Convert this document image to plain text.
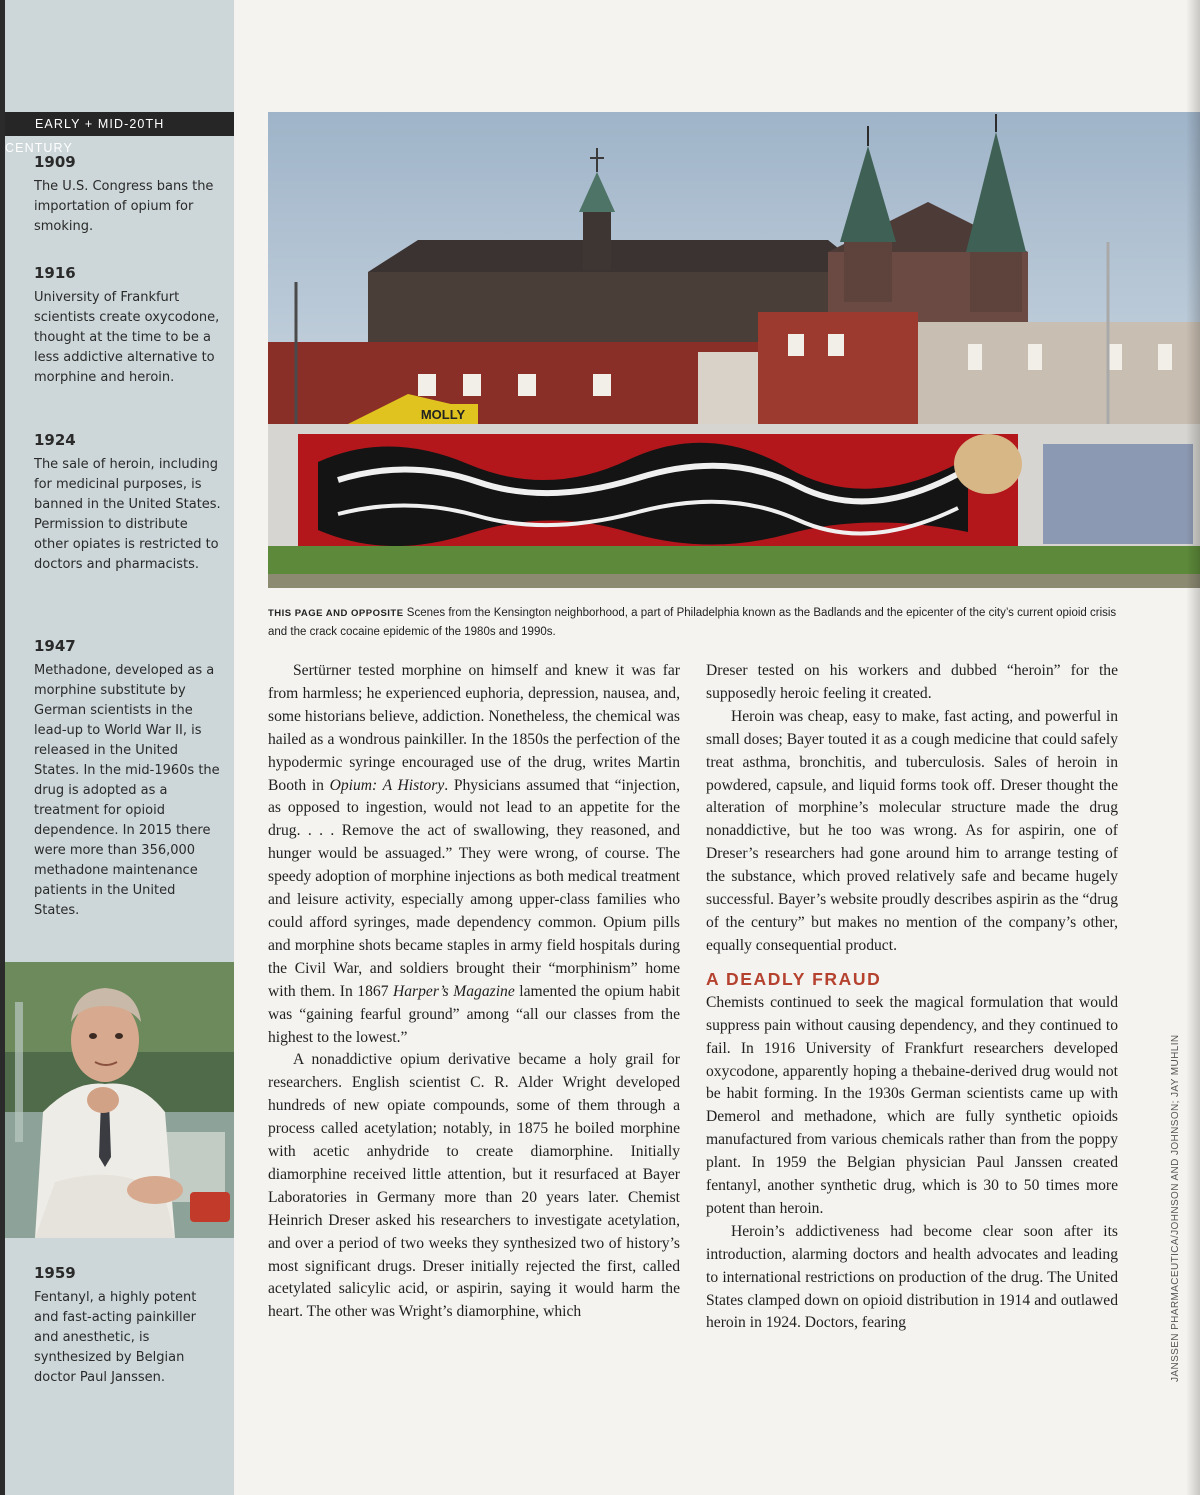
EARLY + MID-20TH CENTURY
1909
The U.S. Congress bans the importation of opium for smoking.
1916
University of Frankfurt scientists create oxycodone, thought at the time to be a less addictive alternative to morphine and heroin.
1924
The sale of heroin, including for medicinal purposes, is banned in the United States. Permission to distribute other opiates is restricted to doctors and pharmacists.
1947
Methadone, developed as a morphine substitute by German scientists in the lead-up to World War II, is released in the United States. In the mid-1960s the drug is adopted as a treatment for opioid dependence. In 2015 there were more than 356,000 methadone maintenance patients in the United States.
1959
Fentanyl, a highly potent and fast-acting painkiller and anesthetic, is synthesized by Belgian doctor Paul Janssen.
MOLLY
THIS PAGE AND OPPOSITE Scenes from the Kensington neighborhood, a part of Philadelphia known as the Badlands and the epicenter of the city’s current opioid crisis and the crack cocaine epidemic of the 1980s and 1990s.

Sertürner tested morphine on himself and knew it was far from harmless; he experienced euphoria, depression, nausea, and, some historians believe, addiction. Nonetheless, the chemical was hailed as a wondrous painkiller. In the 1850s the perfection of the hypodermic syringe encouraged use of the drug, writes Martin Booth in Opium: A History. Physicians assumed that “injection, as opposed to ingestion, would not lead to an appetite for the drug. . . . Remove the act of swallowing, they reasoned, and hunger would be assuaged.” They were wrong, of course. The speedy adoption of morphine injections as both medical treatment and leisure activity, especially among upper-class families who could afford syringes, made dependency common. Opium pills and morphine shots became staples in army field hospitals during the Civil War, and soldiers brought their “morphinism” home with them. In 1867 Harper’s Magazine lamented the opium habit was “gaining fearful ground” among “all our classes from the highest to the lowest.”

A nonaddictive opium derivative became a holy grail for researchers. English scientist C. R. Alder Wright developed hundreds of new opiate compounds, some of them through a process called acetylation; notably, in 1875 he boiled morphine with acetic anhydride to create diamorphine. Initially diamorphine received little attention, but it resurfaced at Bayer Laboratories in Germany more than 20 years later. Chemist Heinrich Dreser asked his researchers to investigate acetylation, and over a period of two weeks they synthesized two of history’s most significant drugs. Dreser initially rejected the first, called acetylated salicylic acid, or aspirin, saying it would harm the heart. The other was Wright’s diamorphine, which

Dreser tested on his workers and dubbed “heroin” for the supposedly heroic feeling it created.

Heroin was cheap, easy to make, fast acting, and powerful in small doses; Bayer touted it as a cough medicine that could safely treat asthma, bronchitis, and tuberculosis. Sales of heroin in powdered, capsule, and liquid forms took off. Dreser thought the alteration of morphine’s molecular structure made the drug nonaddictive, but he too was wrong. As for aspirin, one of Dreser’s researchers had gone around him to arrange testing of the substance, which proved relatively safe and became hugely successful. Bayer’s website proudly describes aspirin as the “drug of the century” but makes no mention of the company’s other, equally consequential product.

A DEADLY FRAUD

Chemists continued to seek the magical formulation that would suppress pain without causing dependency, and they continued to fail. In 1916 University of Frankfurt researchers developed oxycodone, apparently hoping a thebaine-derived drug would not be habit forming. In the 1930s German scientists came up with Demerol and methadone, which are fully synthetic opioids manufactured from various chemicals rather than from the poppy plant. In 1959 the Belgian physician Paul Janssen created fentanyl, another synthetic drug, which is 30 to 50 times more potent than heroin.

Heroin’s addictiveness had become clear soon after its introduction, alarming doctors and health advocates and leading to international restrictions on production of the drug. The United States clamped down on opioid distribution in 1914 and outlawed heroin in 1924. Doctors, fearing	JANSSEN PHARMACEUTICA/JOHNSON AND JOHNSON; JAY MUHLIN
